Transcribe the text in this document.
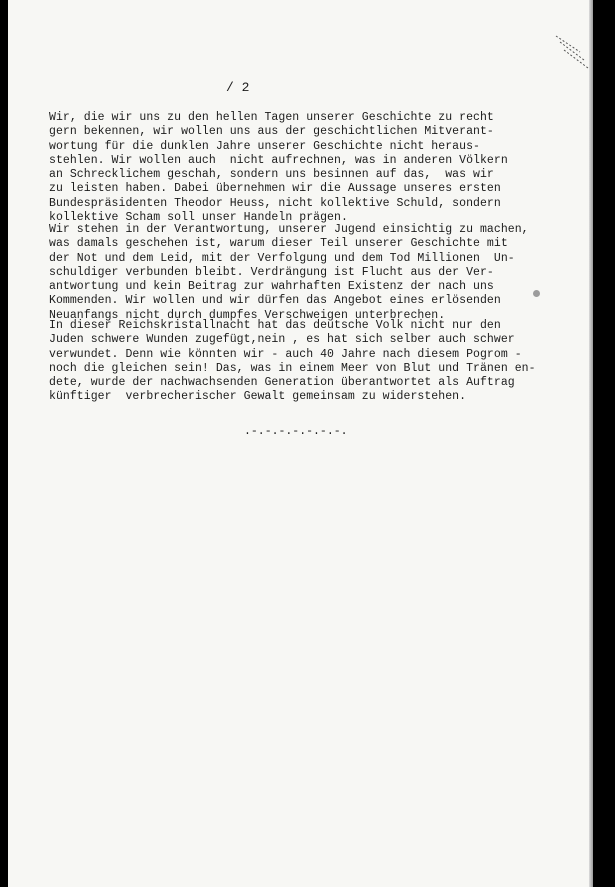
/ 2
Wir, die wir uns zu den hellen Tagen unserer Geschichte zu recht
gern bekennen, wir wollen uns aus der geschichtlichen Mitverant-
wortung für die dunklen Jahre unserer Geschichte nicht heraus-
stehlen. Wir wollen auch  nicht aufrechnen, was in anderen Völkern
an Schrecklichem geschah, sondern uns besinnen auf das,  was wir
zu leisten haben. Dabei übernehmen wir die Aussage unseres ersten
Bundespräsidenten Theodor Heuss, nicht kollektive Schuld, sondern
kollektive Scham soll unser Handeln prägen.
Wir stehen in der Verantwortung, unserer Jugend einsichtig zu machen,
was damals geschehen ist, warum dieser Teil unserer Geschichte mit
der Not und dem Leid, mit der Verfolgung und dem Tod Millionen  Un-
schuldiger verbunden bleibt. Verdrängung ist Flucht aus der Ver-
antwortung und kein Beitrag zur wahrhaften Existenz der nach uns
Kommenden. Wir wollen und wir dürfen das Angebot eines erlösenden
Neuanfangs nicht durch dumpfes Verschweigen unterbrechen.
In dieser Reichskristallnacht hat das deutsche Volk nicht nur den
Juden schwere Wunden zugefügt,nein , es hat sich selber auch schwer
verwundet. Denn wie könnten wir - auch 40 Jahre nach diesem Pogrom -
noch die gleichen sein! Das, was in einem Meer von Blut und Tränen en-
dete, wurde der nachwachsenden Generation überantwortet als Auftrag
künftiger  verbrecherischer Gewalt gemeinsam zu widerstehen.
.-.-.-.-.-.-.-.
